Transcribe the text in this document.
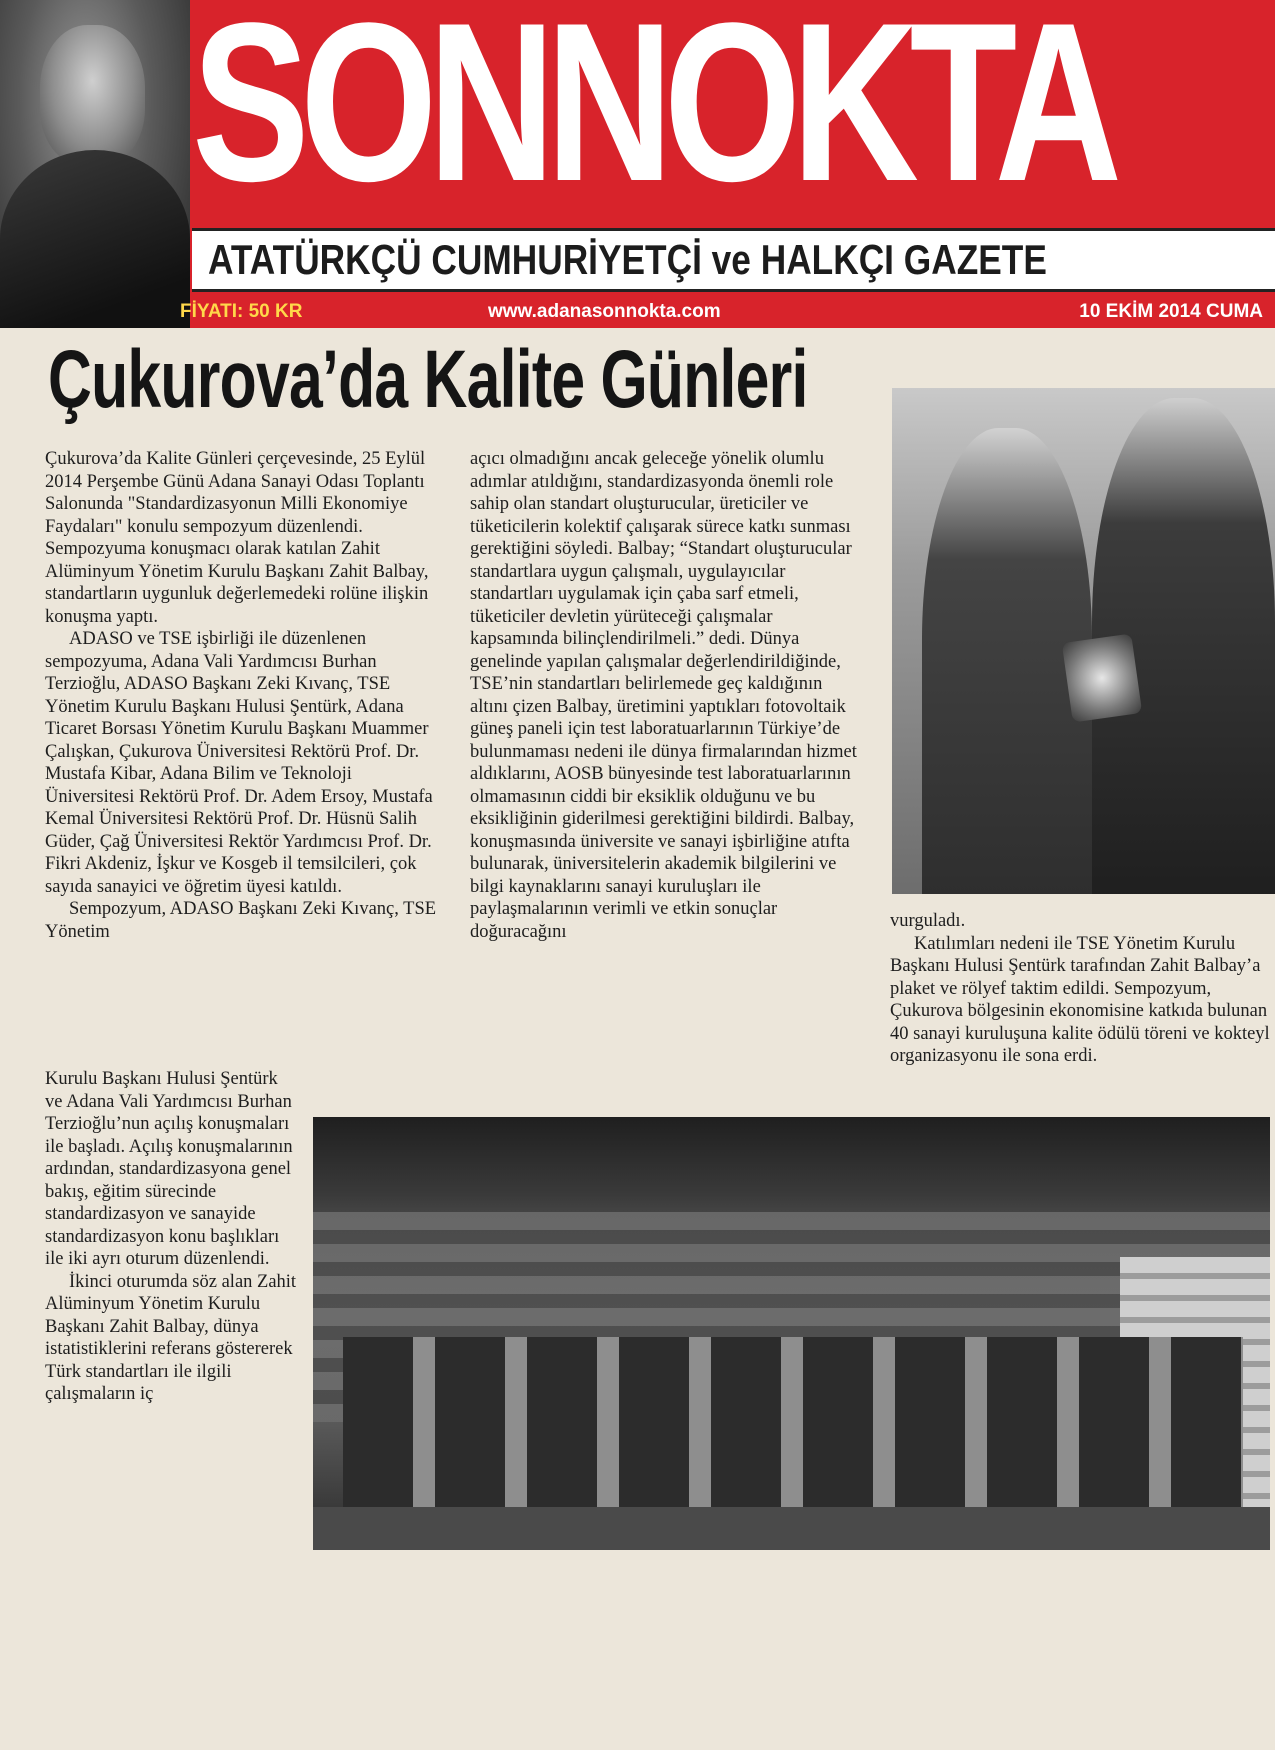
SONNOKTA
ATATÜRKÇÜ CUMHURİYETÇİ ve HALKÇI GAZETE
FİYATI: 50 KR	www.adanasonnokta.com	10 EKİM 2014 CUMA
Çukurova’da Kalite Günleri

Çukurova’da Kalite Günleri çerçevesinde, 25 Eylül 2014 Perşembe Günü Adana Sanayi Odası Toplantı Salonunda "Standardizasyonun Milli Ekonomiye Faydaları" konulu sempozyum düzenlendi. Sempozyuma konuşmacı olarak katılan Zahit Alüminyum Yönetim Kurulu Başkanı Zahit Balbay, standartların uygunluk değerlemedeki rolüne ilişkin konuşma yaptı.

ADASO ve TSE işbirliği ile düzenlenen sempozyuma, Adana Vali Yardımcısı Burhan Terzioğlu, ADASO Başkanı Zeki Kıvanç, TSE Yönetim Kurulu Başkanı Hulusi Şentürk, Adana Ticaret Borsası Yönetim Kurulu Başkanı Muammer Çalışkan, Çukurova Üniversitesi Rektörü Prof. Dr. Mustafa Kibar, Adana Bilim ve Teknoloji Üniversitesi Rektörü Prof. Dr. Adem Ersoy, Mustafa Kemal Üniversitesi Rektörü Prof. Dr. Hüsnü Salih Güder, Çağ Üniversitesi Rektör Yardımcısı Prof. Dr. Fikri Akdeniz, İşkur ve Kosgeb il temsilcileri, çok sayıda sanayici ve öğretim üyesi katıldı.

Sempozyum, ADASO Başkanı Zeki Kıvanç, TSE Yönetim

Kurulu Başkanı Hulusi Şentürk ve Adana Vali Yardımcısı Burhan Terzioğlu’nun açılış konuşmaları ile başladı. Açılış konuşmalarının ardından, standardizasyona genel bakış, eğitim sürecinde standardizasyon ve sanayide standardizasyon konu başlıkları ile iki ayrı oturum düzenlendi.

İkinci oturumda söz alan Zahit Alüminyum Yönetim Kurulu Başkanı Zahit Balbay, dünya istatistiklerini referans göstererek Türk standartları ile ilgili çalışmaların iç

açıcı olmadığını ancak geleceğe yönelik olumlu adımlar atıldığını, standardizasyonda önemli role sahip olan standart oluşturucular, üreticiler ve tüketicilerin kolektif çalışarak sürece katkı sunması gerektiğini söyledi. Balbay; “Standart oluşturucular standartlara uygun çalışmalı, uygulayıcılar standartları uygulamak için çaba sarf etmeli, tüketiciler devletin yürüteceği çalışmalar kapsamında bilinçlendirilmeli.” dedi. Dünya genelinde yapılan çalışmalar değerlendirildiğinde, TSE’nin standartları belirlemede geç kaldığının altını çizen Balbay, üretimini yaptıkları fotovoltaik güneş paneli için test laboratuarlarının Türkiye’de bulunmaması nedeni ile dünya firmalarından hizmet aldıklarını, AOSB bünyesinde test laboratuarlarının olmamasının ciddi bir eksiklik olduğunu ve bu eksikliğinin giderilmesi gerektiğini bildirdi. Balbay, konuşmasında üniversite ve sanayi işbirliğine atıfta bulunarak, üniversitelerin akademik bilgilerini ve bilgi kaynaklarını sanayi kuruluşları ile paylaşmalarının verimli ve etkin sonuçlar doğuracağını

vurguladı.

Katılımları nedeni ile TSE Yönetim Kurulu Başkanı Hulusi Şentürk tarafından Zahit Balbay’a plaket ve rölyef taktim edildi. Sempozyum, Çukurova bölgesinin ekonomisine katkıda bulunan 40 sanayi kuruluşuna kalite ödülü töreni ve kokteyl organizasyonu ile sona erdi.
